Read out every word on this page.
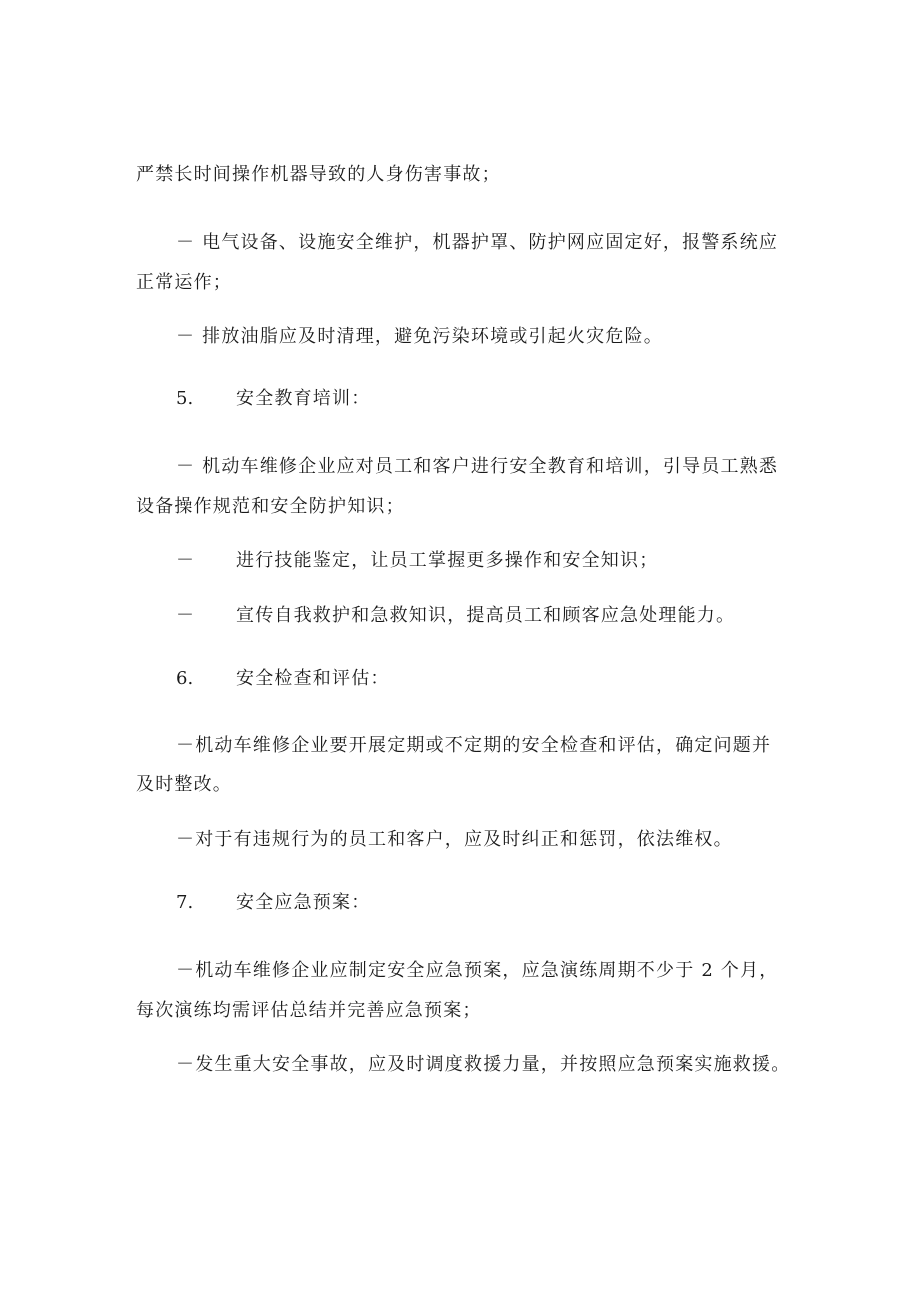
严禁长时间操作机器导致的人身伤害事故；
－ 电气设备、设施安全维护，机器护罩、防护网应固定好，报警系统应
正常运作；
－ 排放油脂应及时清理，避免污染环境或引起火灾危险。
5. 安全教育培训：
－ 机动车维修企业应对员工和客户进行安全教育和培训，引导员工熟悉
设备操作规范和安全防护知识；
－ 进行技能鉴定，让员工掌握更多操作和安全知识；
－ 宣传自我救护和急救知识，提高员工和顾客应急处理能力。
6. 安全检查和评估：
－机动车维修企业要开展定期或不定期的安全检查和评估，确定问题并
及时整改。
－对于有违规行为的员工和客户，应及时纠正和惩罚，依法维权。
7. 安全应急预案：
－机动车维修企业应制定安全应急预案，应急演练周期不少于 2 个月，
每次演练均需评估总结并完善应急预案；
－发生重大安全事故，应及时调度救援力量，并按照应急预案实施救援。
